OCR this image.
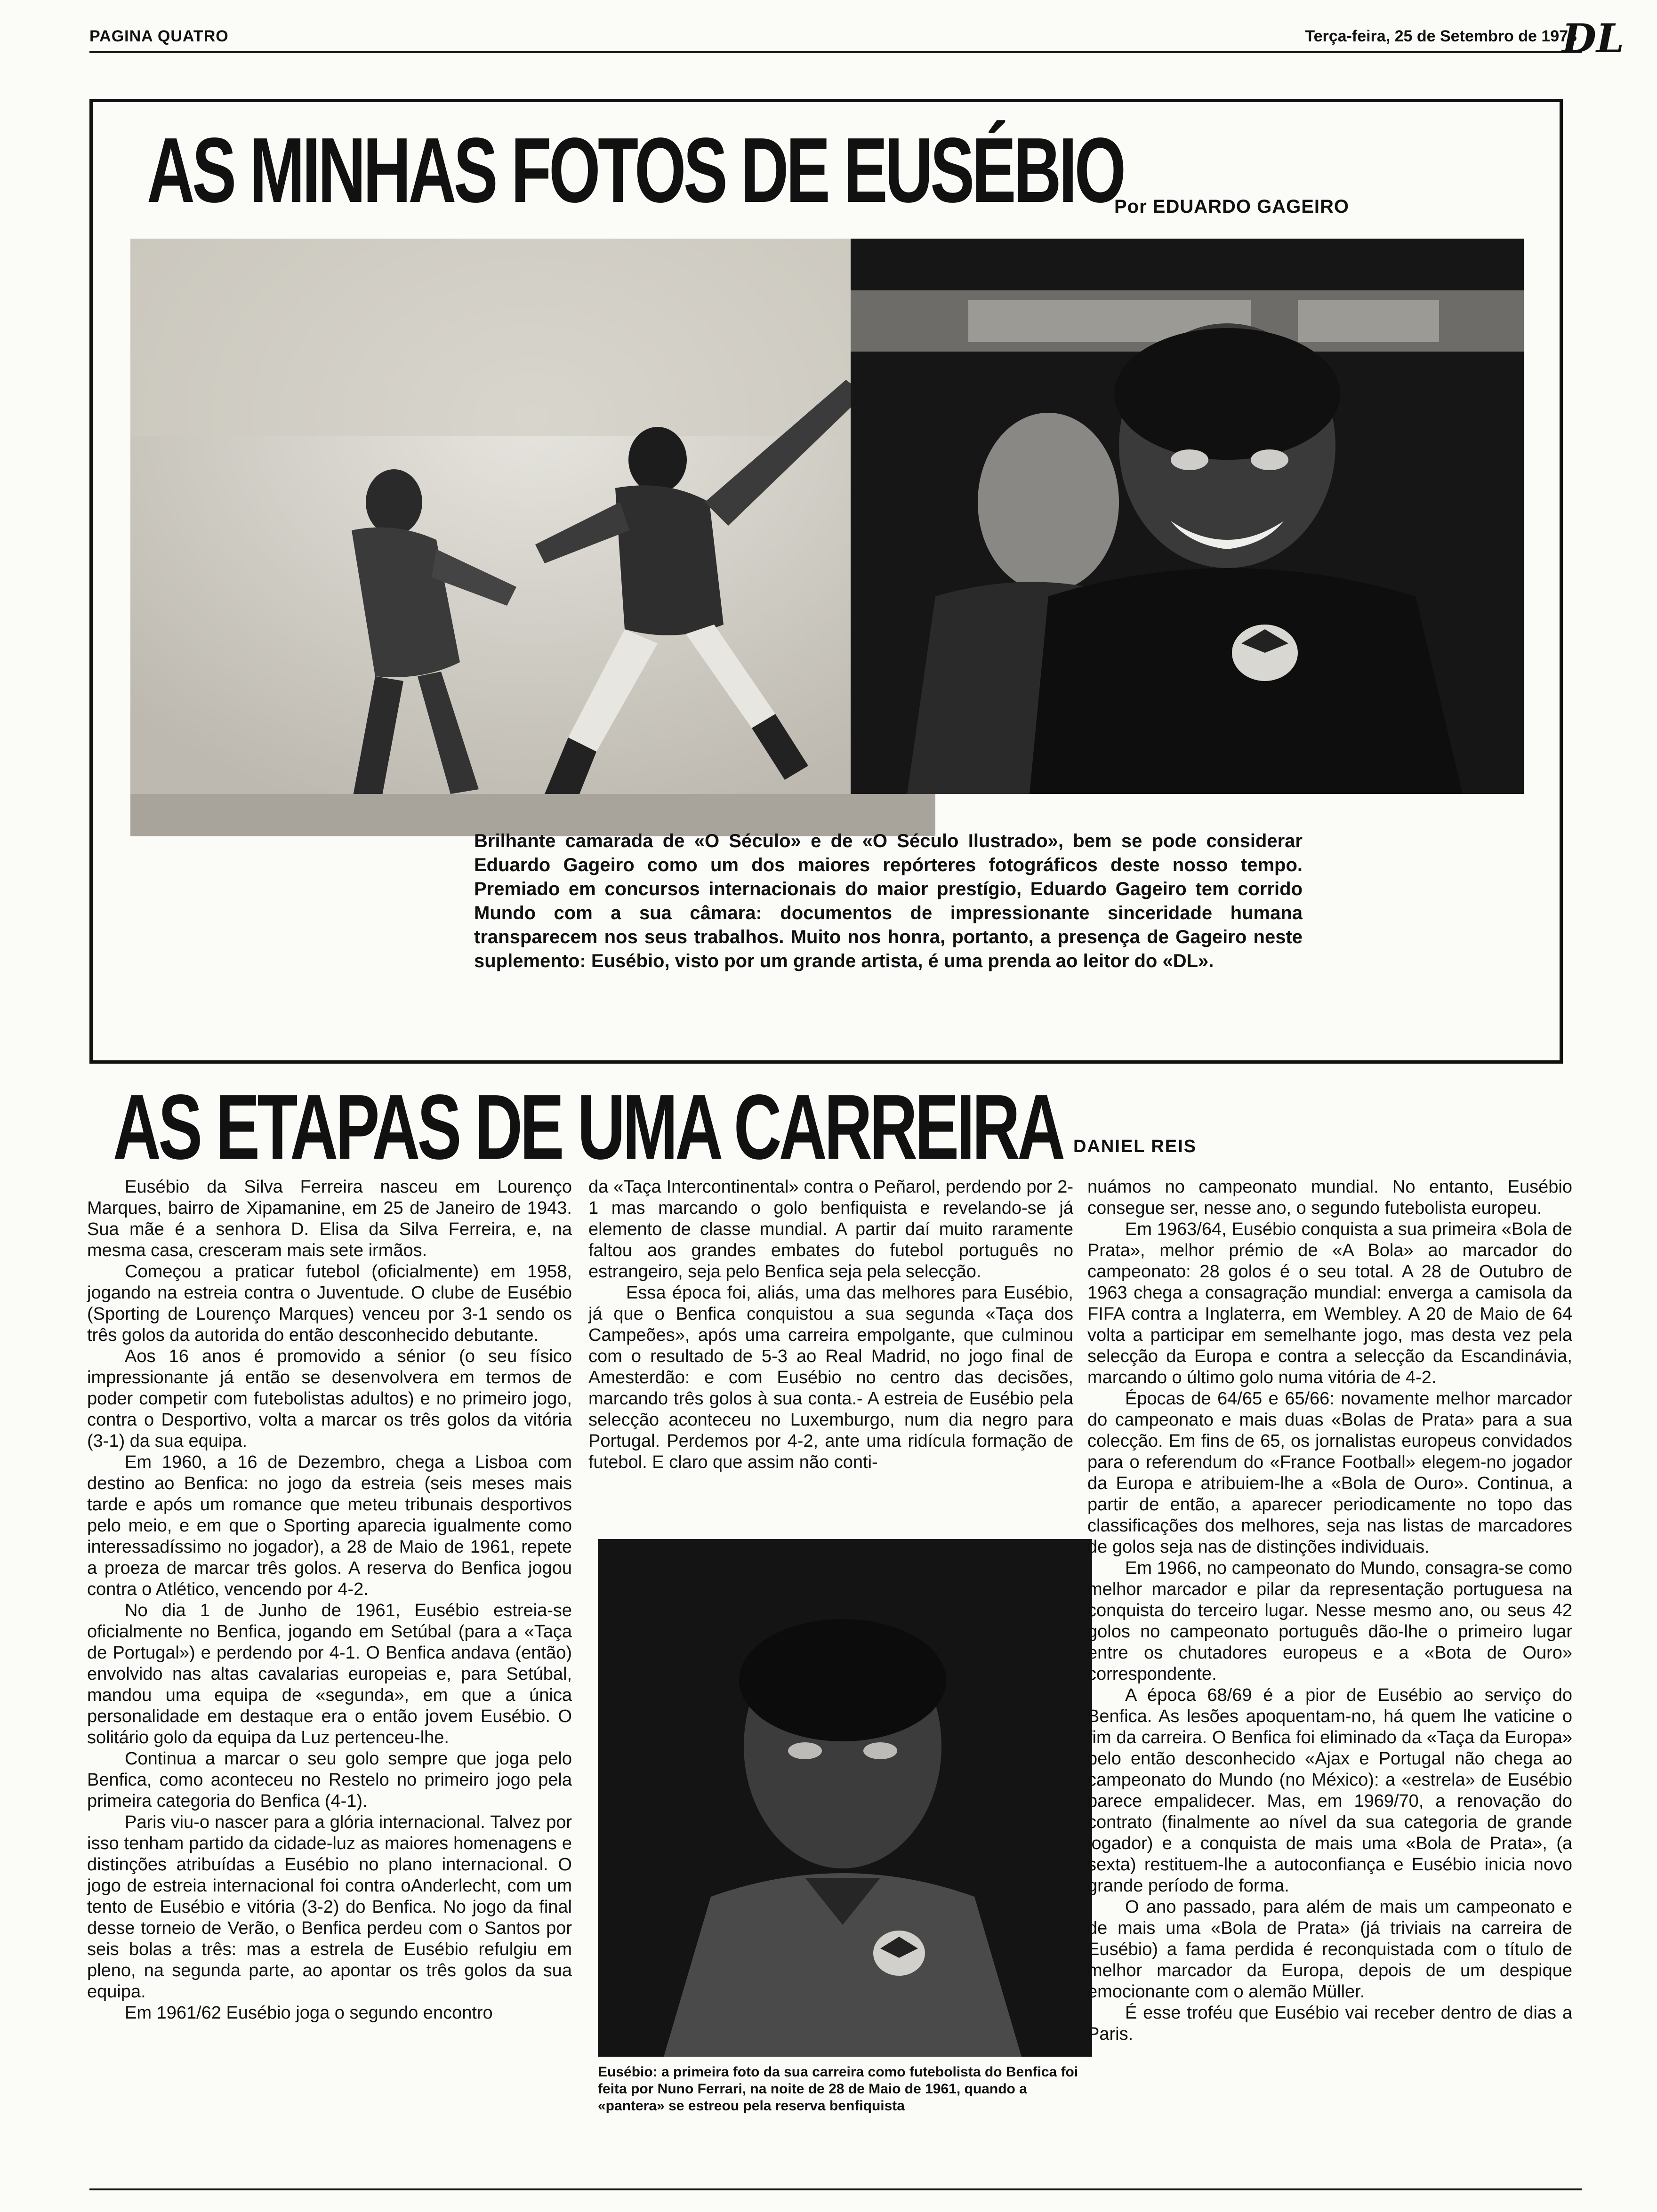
PAGINA QUATRO	Terça-feira, 25 de Setembro de 1973
DL
AS MINHAS FOTOS DE EUSÉBIO
Por EDUARDO GAGEIRO
Brilhante camarada de «O Século» e de «O Século Ilustrado», bem se pode considerar Eduardo Gageiro como um dos maiores repórteres fotográficos deste nosso tempo. Premiado em concursos internacionais do maior prestígio, Eduardo Gageiro tem corrido Mundo com a sua câmara: documentos de impressionante sinceridade humana transparecem nos seus trabalhos. Muito nos honra, portanto, a presença de Gageiro neste suplemento: Eusébio, visto por um grande artista, é uma prenda ao leitor do «DL».
AS ETAPAS DE UMA CARREIRA DANIEL REIS

Eusébio da Silva Ferreira nasceu em Lourenço Marques, bairro de Xipamanine, em 25 de Janeiro de 1943. Sua mãe é a senhora D. Elisa da Silva Ferreira, e, na mesma casa, cresceram mais sete irmãos.

Começou a praticar futebol (oficialmente) em 1958, jogando na estreia contra o Juventude. O clube de Eusébio (Sporting de Lourenço Marques) venceu por 3-1 sendo os três golos da autorida do então desconhecido debutante.

Aos 16 anos é promovido a sénior (o seu físico impressionante já então se desenvolvera em termos de poder competir com futebolistas adultos) e no primeiro jogo, contra o Desportivo, volta a marcar os três golos da vitória (3-1) da sua equipa.

Em 1960, a 16 de Dezembro, chega a Lisboa com destino ao Benfica: no jogo da estreia (seis meses mais tarde e após um romance que meteu tribunais desportivos pelo meio, e em que o Sporting aparecia igualmente como interessadíssimo no jogador), a 28 de Maio de 1961, repete a proeza de marcar três golos. A reserva do Benfica jogou contra o Atlético, vencendo por 4-2.

No dia 1 de Junho de 1961, Eusébio estreia-se oficialmente no Benfica, jogando em Setúbal (para a «Taça de Portugal») e perdendo por 4-1. O Benfica andava (então) envolvido nas altas cavalarias europeias e, para Setúbal, mandou uma equipa de «segunda», em que a única personalidade em destaque era o então jovem Eusébio. O solitário golo da equipa da Luz pertenceu-lhe.

Continua a marcar o seu golo sempre que joga pelo Benfica, como aconteceu no Restelo no primeiro jogo pela primeira categoria do Benfica (4-1).

Paris viu-o nascer para a glória internacional. Talvez por isso tenham partido da cidade-luz as maiores homenagens e distinções atribuídas a Eusébio no plano internacional. O jogo de estreia internacional foi contra oAnderlecht, com um tento de Eusébio e vitória (3-2) do Benfica. No jogo da final desse torneio de Verão, o Benfica perdeu com o Santos por seis bolas a três: mas a estrela de Eusébio refulgiu em pleno, na segunda parte, ao apontar os três golos da sua equipa.

Em 1961/62 Eusébio joga o segundo encontro

da «Taça Intercontinental» contra o Peñarol, perdendo por 2-1 mas marcando o golo benfiquista e revelando-se já elemento de classe mundial. A partir daí muito raramente faltou aos grandes embates do futebol português no estrangeiro, seja pelo Benfica seja pela selecção.

Essa época foi, aliás, uma das melhores para Eusébio, já que o Benfica conquistou a sua segunda «Taça dos Campeões», após uma carreira empolgante, que culminou com o resultado de 5-3 ao Real Madrid, no jogo final de Amesterdão: e com Eusébio no centro das decisões, marcando três golos à sua conta.- A estreia de Eusébio pela selecção aconteceu no Luxemburgo, num dia negro para Portugal. Perdemos por 4-2, ante uma ridícula formação de futebol. E claro que assim não conti-

Eusébio: a primeira foto da sua carreira como futebolista do Benfica foi feita por Nuno Ferrari, na noite de 28 de Maio de 1961, quando a «pantera» se estreou pela reserva benfiquista

nuámos no campeonato mundial. No entanto, Eusébio consegue ser, nesse ano, o segundo futebolista europeu.

Em 1963/64, Eusébio conquista a sua primeira «Bola de Prata», melhor prémio de «A Bola» ao marcador do campeonato: 28 golos é o seu total. A 28 de Outubro de 1963 chega a consagração mundial: enverga a camisola da FIFA contra a Inglaterra, em Wembley. A 20 de Maio de 64 volta a participar em semelhante jogo, mas desta vez pela selecção da Europa e contra a selecção da Escandinávia, marcando o último golo numa vitória de 4-2.

Épocas de 64/65 e 65/66: novamente melhor marcador do campeonato e mais duas «Bolas de Prata» para a sua colecção. Em fins de 65, os jornalistas europeus convidados para o referendum do «France Football» elegem-no jogador da Europa e atribuiem-lhe a «Bola de Ouro». Continua, a partir de então, a aparecer periodicamente no topo das classificações dos melhores, seja nas listas de marcadores de golos seja nas de distinções individuais.

Em 1966, no campeonato do Mundo, consagra-se como melhor marcador e pilar da representação portuguesa na conquista do terceiro lugar. Nesse mesmo ano, ou seus 42 golos no campeonato português dão-lhe o primeiro lugar entre os chutadores europeus e a «Bota de Ouro» correspondente.

A época 68/69 é a pior de Eusébio ao serviço do Benfica. As lesões apoquentam-no, há quem lhe vaticine o fim da carreira. O Benfica foi eliminado da «Taça da Europa» pelo então desconhecido «Ajax e Portugal não chega ao campeonato do Mundo (no México): a «estrela» de Eusébio parece empalidecer. Mas, em 1969/70, a renovação do contrato (finalmente ao nível da sua categoria de grande jogador) e a conquista de mais uma «Bola de Prata», (a sexta) restituem-lhe a autoconfiança e Eusébio inicia novo grande período de forma.

O ano passado, para além de mais um campeonato e de mais uma «Bola de Prata» (já triviais na carreira de Eusébio) a fama perdida é reconquistada com o título de melhor marcador da Europa, depois de um despique emocionante com o alemão Müller.

É esse troféu que Eusébio vai receber dentro de dias a Paris.
